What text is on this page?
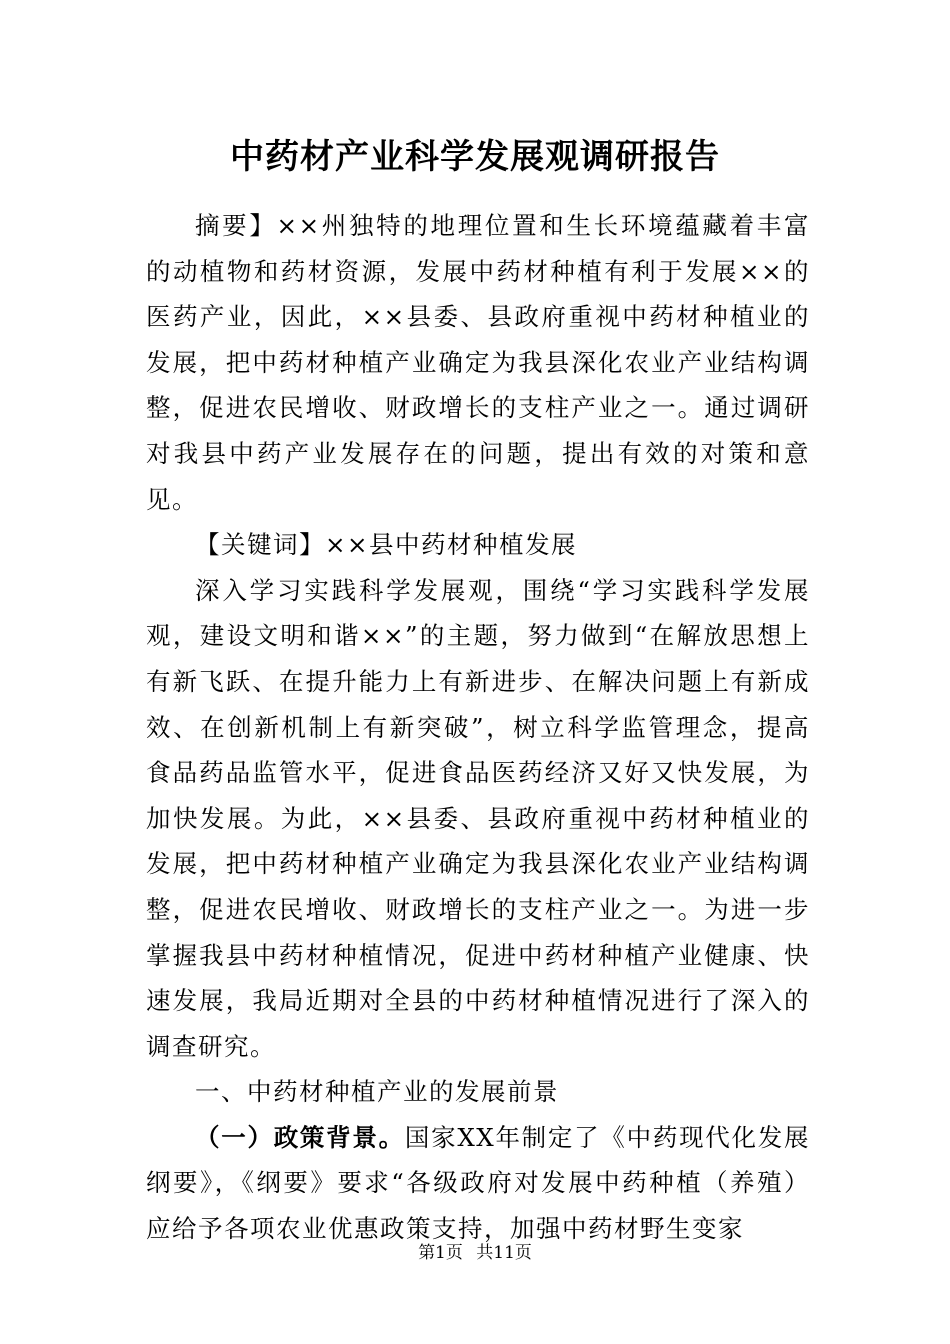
中药材产业科学发展观调研报告

摘要】××州独特的地理位置和生长环境蕴藏着丰富的动植物和药材资源，发展中药材种植有利于发展××的医药产业，因此，××县委、县政府重视中药材种植业的发展，把中药材种植产业确定为我县深化农业产业结构调整，促进农民增收、财政增长的支柱产业之一。通过调研对我县中药产业发展存在的问题，提出有效的对策和意见。

【关键词】××县中药材种植发展

深入学习实践科学发展观，围绕“学习实践科学发展观，建设文明和谐××”的主题，努力做到“在解放思想上有新飞跃、在提升能力上有新进步、在解决问题上有新成效、在创新机制上有新突破”，树立科学监管理念，提高食品药品监管水平，促进食品医药经济又好又快发展，为加快发展。为此，××县委、县政府重视中药材种植业的发展，把中药材种植产业确定为我县深化农业产业结构调整，促进农民增收、财政增长的支柱产业之一。为进一步掌握我县中药材种植情况，促进中药材种植产业健康、快速发展，我局近期对全县的中药材种植情况进行了深入的调查研究。

一、中药材种植产业的发展前景

（一）政策背景。国家XX年制定了《中药现代化发展纲要》，《纲要》要求“各级政府对发展中药种植（养殖）应给予各项农业优惠政策支持，加强中药材野生变家

第1页 共11页
